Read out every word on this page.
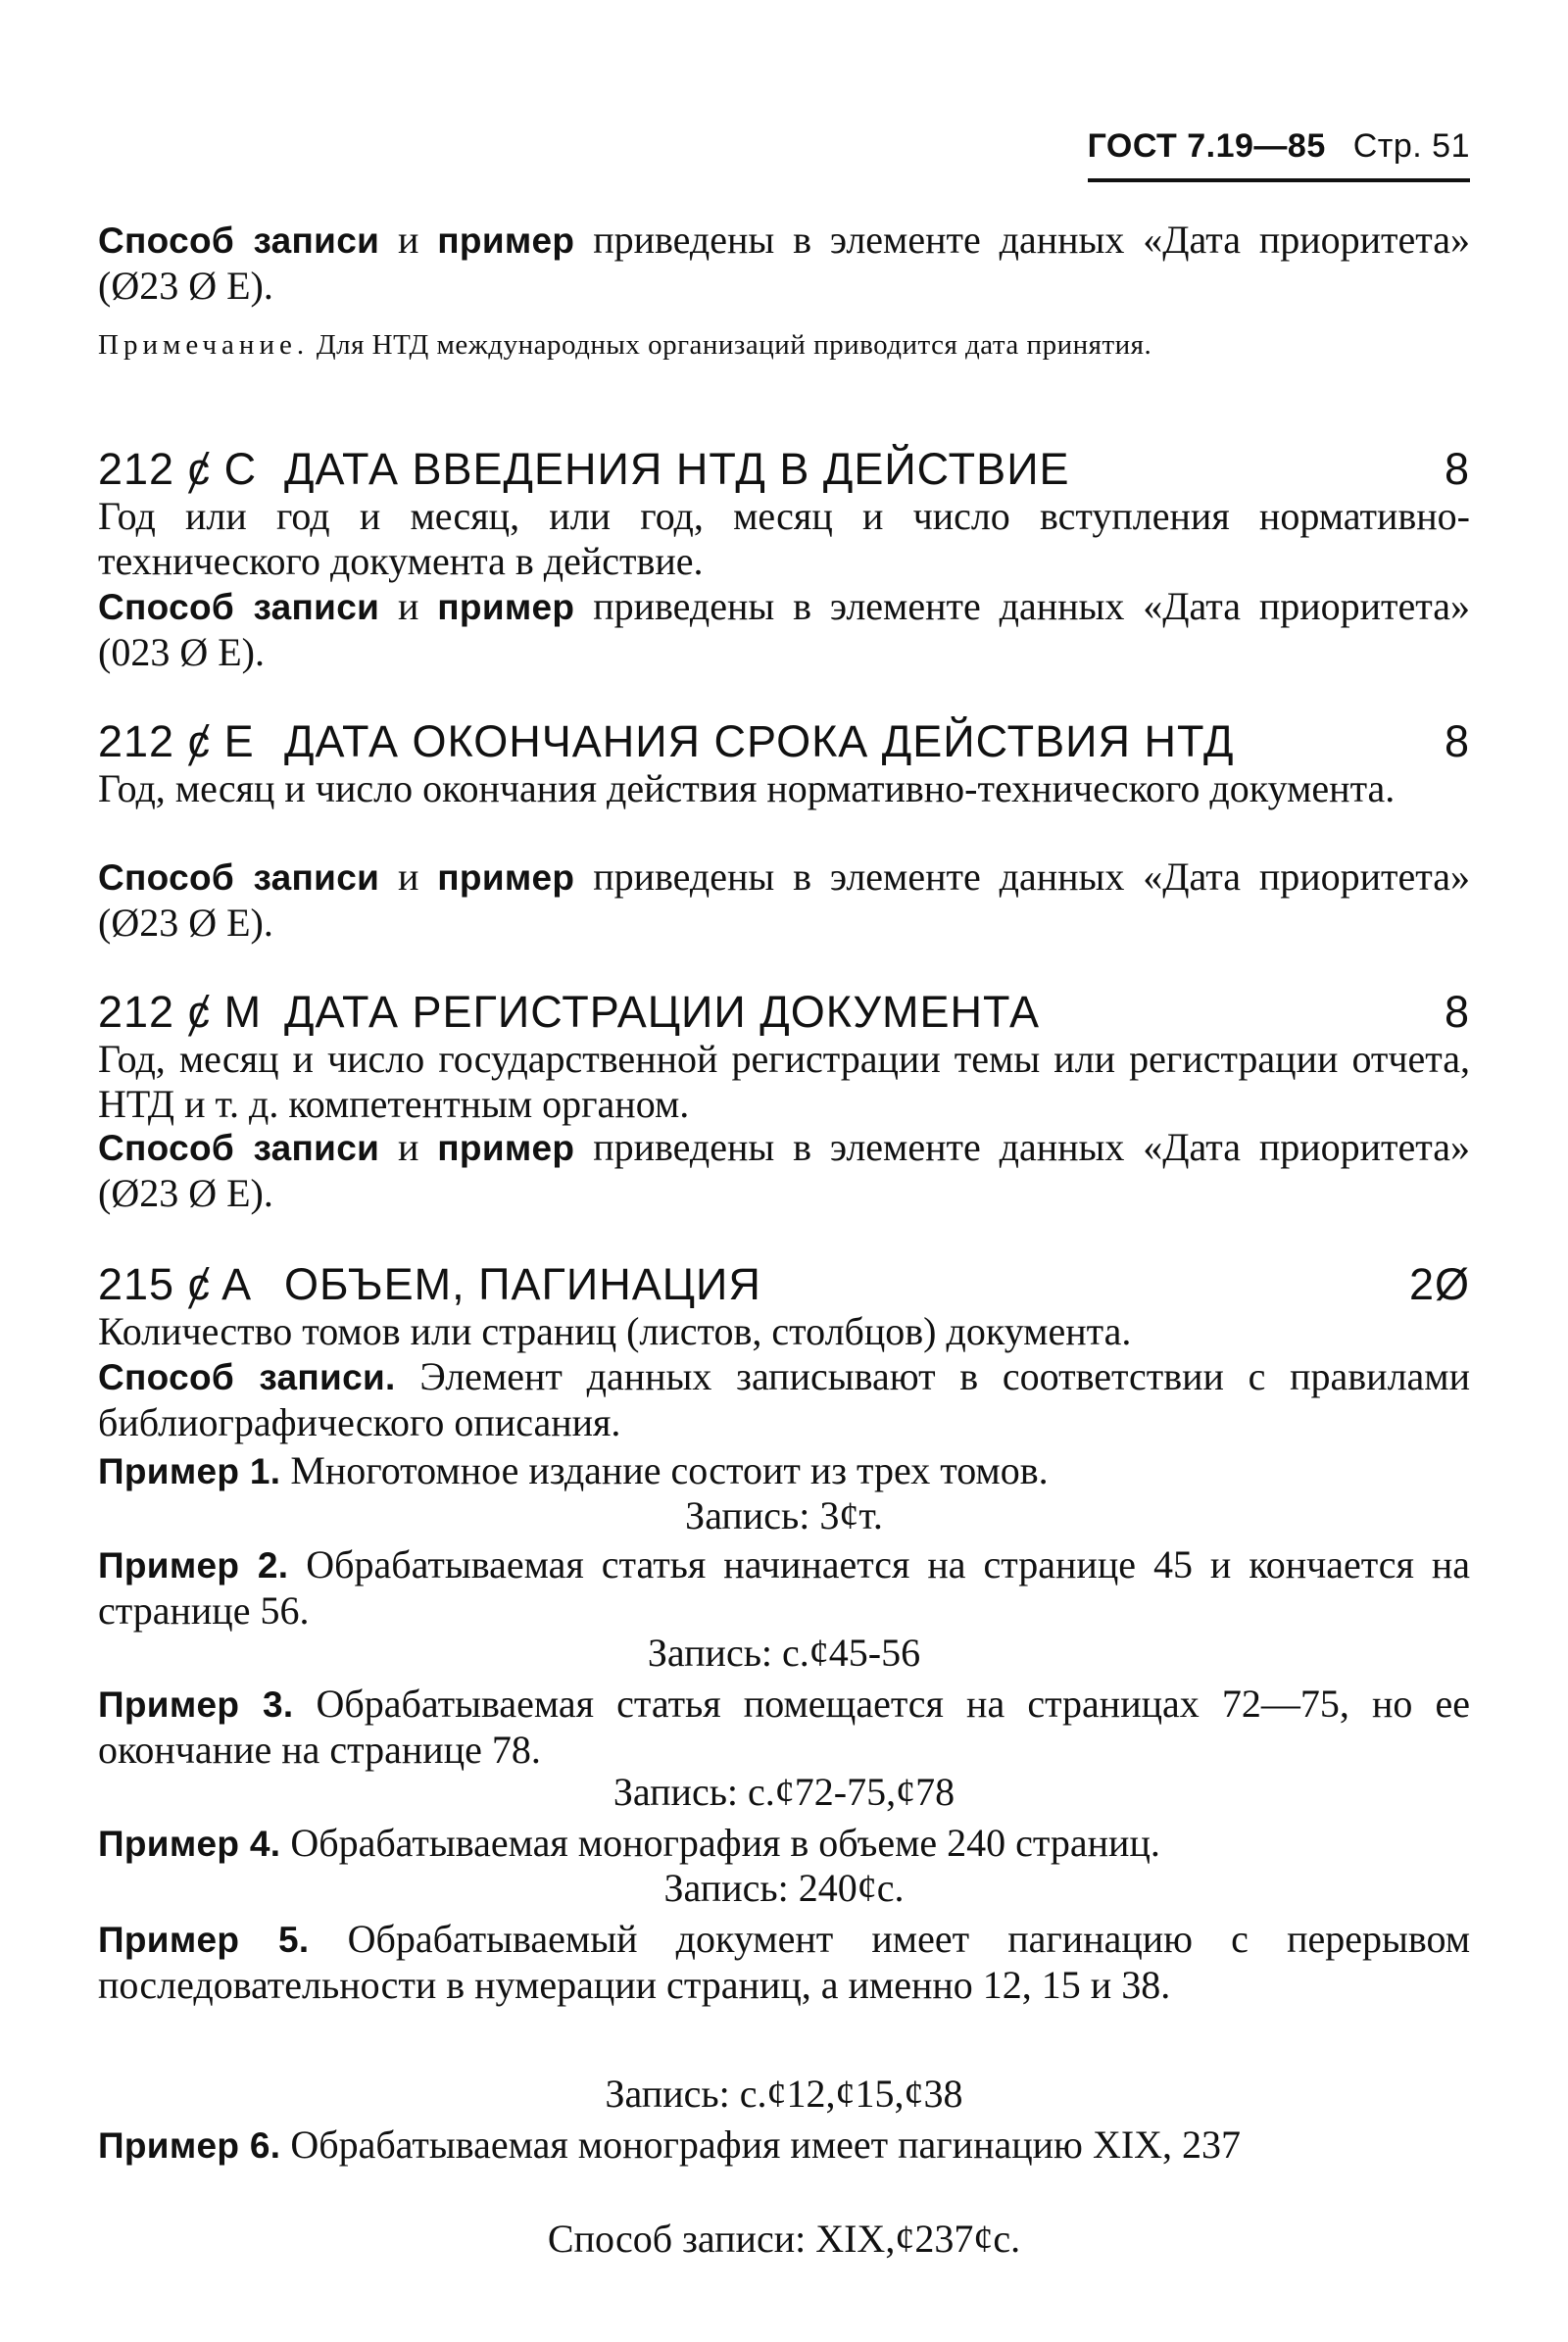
ГОСТ 7.19—85 Стр. 51
Способ записи и пример приведены в элементе данных «Дата приоритета» (Ø23 Ø E).
Примечание. Для НТД международных организаций приводится дата принятия.
212 ȼ C ДАТА ВВЕДЕНИЯ НТД В ДЕЙСТВИЕ	8
Год или год и месяц, или год, месяц и число вступления нормативно-технического документа в действие.
Способ записи и пример приведены в элементе данных «Дата приоритета» (023 Ø E).
212 ȼ E ДАТА ОКОНЧАНИЯ СРОКА ДЕЙСТВИЯ НТД	8
Год, месяц и число окончания действия нормативно-технического документа.
Способ записи и пример приведены в элементе данных «Дата приоритета» (Ø23 Ø E).
212 ȼ M ДАТА РЕГИСТРАЦИИ ДОКУМЕНТА	8
Год, месяц и число государственной регистрации темы или регистрации отчета, НТД и т. д. компетентным органом.
Способ записи и пример приведены в элементе данных «Дата приоритета» (Ø23 Ø E).
215 ȼ A ОБЪЕМ, ПАГИНАЦИЯ	2Ø
Количество томов или страниц (листов, столбцов) документа.
Способ записи. Элемент данных записывают в соответствии с правилами библиографического описания.
Пример 1. Многотомное издание состоит из трех томов.
Запись: 3ȼт.
Пример 2. Обрабатываемая статья начинается на странице 45 и кончается на странице 56.
Запись: с.ȼ45-56
Пример 3. Обрабатываемая статья помещается на страницах 72—75, но ее окончание на странице 78.
Запись: с.ȼ72-75,ȼ78
Пример 4. Обрабатываемая монография в объеме 240 страниц.
Запись: 240ȼс.
Пример 5. Обрабатываемый документ имеет пагинацию с перерывом последовательности в нумерации страниц, а именно 12, 15 и 38.
Запись: с.ȼ12,ȼ15,ȼ38
Пример 6. Обрабатываемая монография имеет пагинацию XIX, 237
Способ записи: XIX,ȼ237ȼс.
